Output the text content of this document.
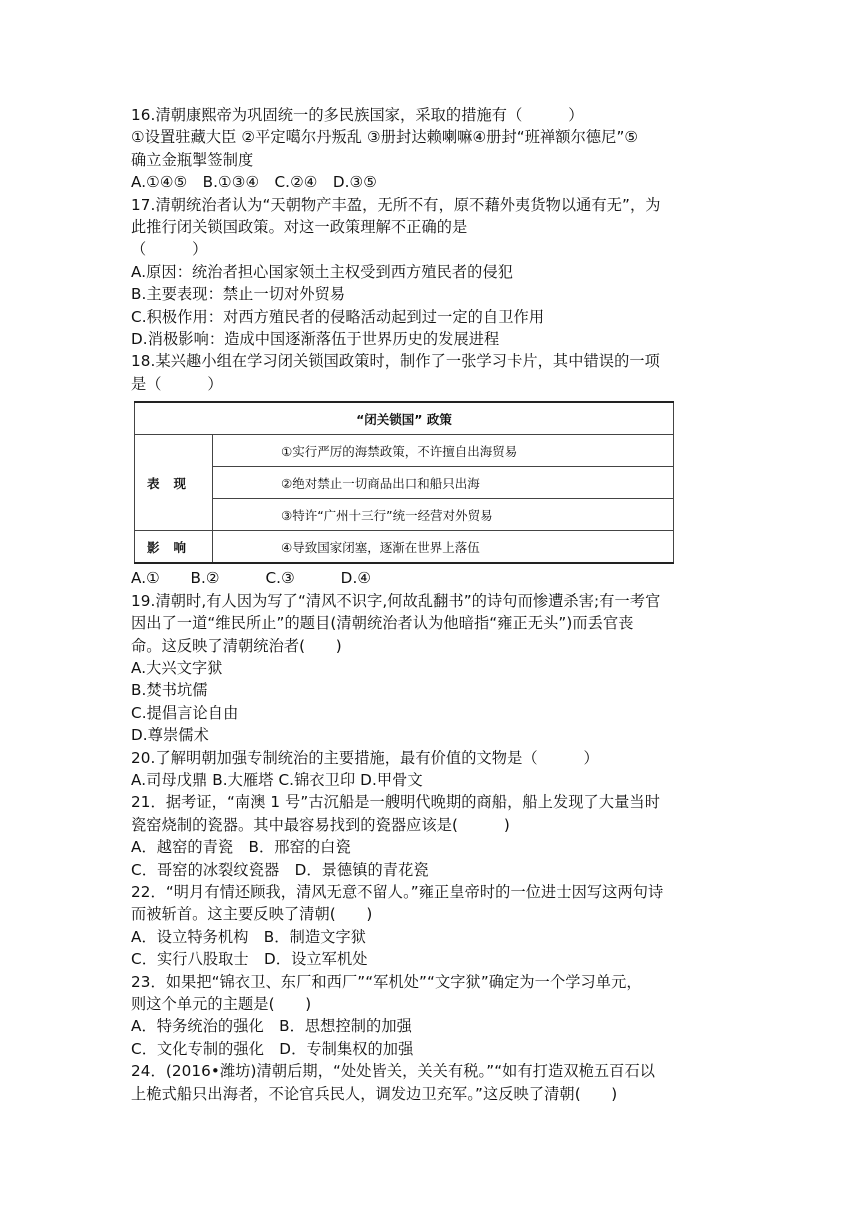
16.清朝康熙帝为巩固统一的多民族国家，采取的措施有（　　　）
①设置驻藏大臣 ②平定噶尔丹叛乱 ③册封达赖喇嘛④册封“班禅额尔德尼”⑤
确立金瓶掣签制度
A.①④⑤　B.①③④　C.②④　D.③⑤
17.清朝统治者认为“天朝物产丰盈，无所不有，原不藉外夷货物以通有无”，为
此推行闭关锁国政策。对这一政策理解不正确的是
（　　　）
A.原因：统治者担心国家领土主权受到西方殖民者的侵犯
B.主要表现：禁止一切对外贸易
C.积极作用：对西方殖民者的侵略活动起到过一定的自卫作用
D.消极影响：造成中国逐渐落伍于世界历史的发展进程
18.某兴趣小组在学习闭关锁国政策时，制作了一张学习卡片，其中错误的一项
是（　　　）
“闭关锁国” 政策	
表现	①实行严厉的海禁政策，不许擅自出海贸易
	②绝对禁止一切商品出口和船只出海
	③特许“广州十三行”统一经营对外贸易
影响	④导致国家闭塞，逐渐在世界上落伍
A.①　　B.②　　　C.③　　　D.④
19.清朝时,有人因为写了“清风不识字,何故乱翻书”的诗句而惨遭杀害;有一考官
因出了一道“维民所止”的题目(清朝统治者认为他暗指“雍正无头”)而丢官丧
命。这反映了清朝统治者(　　)
A.大兴文字狱
B.焚书坑儒
C.提倡言论自由
D.尊崇儒术
20.了解明朝加强专制统治的主要措施，最有价值的文物是（　　　）
A.司母戊鼎 B.大雁塔 C.锦衣卫印 D.甲骨文
21．据考证，“南澳 1 号”古沉船是一艘明代晚期的商船，船上发现了大量当时
瓷窑烧制的瓷器。其中最容易找到的瓷器应该是(　　　)
A．越窑的青瓷　B．邢窑的白瓷
C．哥窑的冰裂纹瓷器　D．景德镇的青花瓷
22．“明月有情还顾我，清风无意不留人。”雍正皇帝时的一位进士因写这两句诗
而被斩首。这主要反映了清朝(　　)
A．设立特务机构　B．制造文字狱
C．实行八股取士　D．设立军机处
23．如果把“锦衣卫、东厂和西厂”“军机处”“文字狱”确定为一个学习单元，
则这个单元的主题是(　　)
A．特务统治的强化　B．思想控制的加强
C．文化专制的强化　D．专制集权的加强
24．(2016•潍坊)清朝后期，“处处皆关，关关有税。”“如有打造双桅五百石以
上桅式船只出海者，不论官兵民人，调发边卫充军。”这反映了清朝(　　)
